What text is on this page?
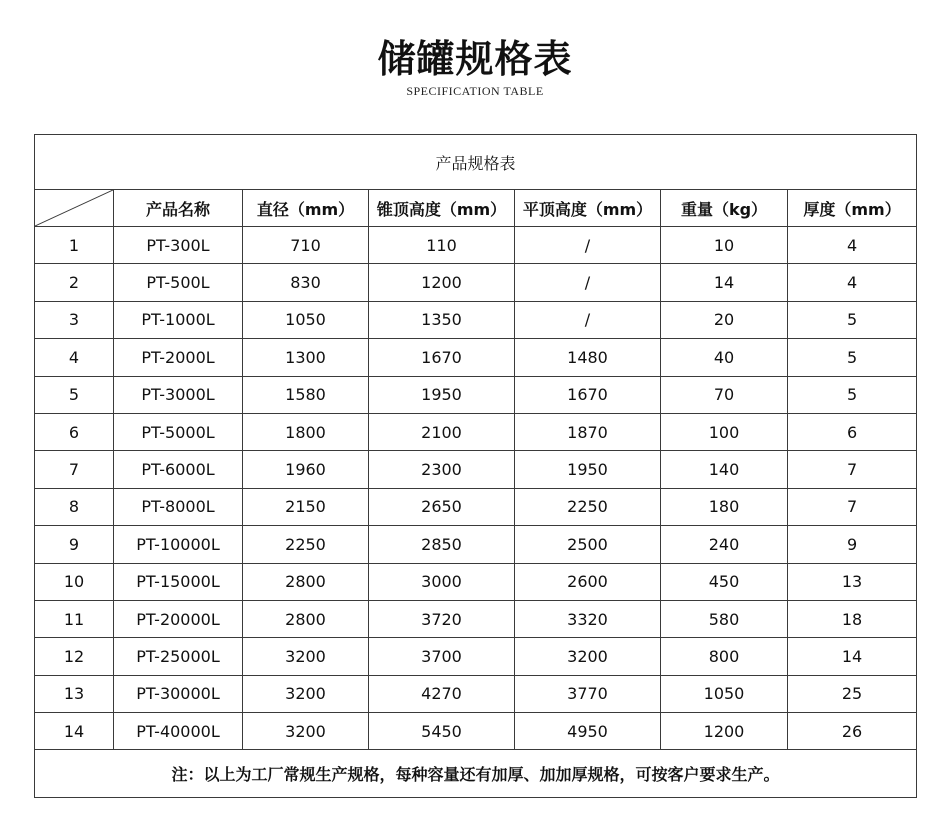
储罐规格表
SPECIFICATION TABLE
产品规格表						

	产品名称	直径（mm）	锥顶高度（mm）	平顶高度（mm）	重量（kg）	厚度（mm）
1	PT-300L	710	110	/	10	4
2	PT-500L	830	1200	/	14	4
3	PT-1000L	1050	1350	/	20	5
4	PT-2000L	1300	1670	1480	40	5
5	PT-3000L	1580	1950	1670	70	5
6	PT-5000L	1800	2100	1870	100	6
7	PT-6000L	1960	2300	1950	140	7
8	PT-8000L	2150	2650	2250	180	7
9	PT-10000L	2250	2850	2500	240	9
10	PT-15000L	2800	3000	2600	450	13
11	PT-20000L	2800	3720	3320	580	18
12	PT-25000L	3200	3700	3200	800	14
13	PT-30000L	3200	4270	3770	1050	25
14	PT-40000L	3200	5450	4950	1200	26
注：以上为工厂常规生产规格，每种容量还有加厚、加加厚规格，可按客户要求生产。						
